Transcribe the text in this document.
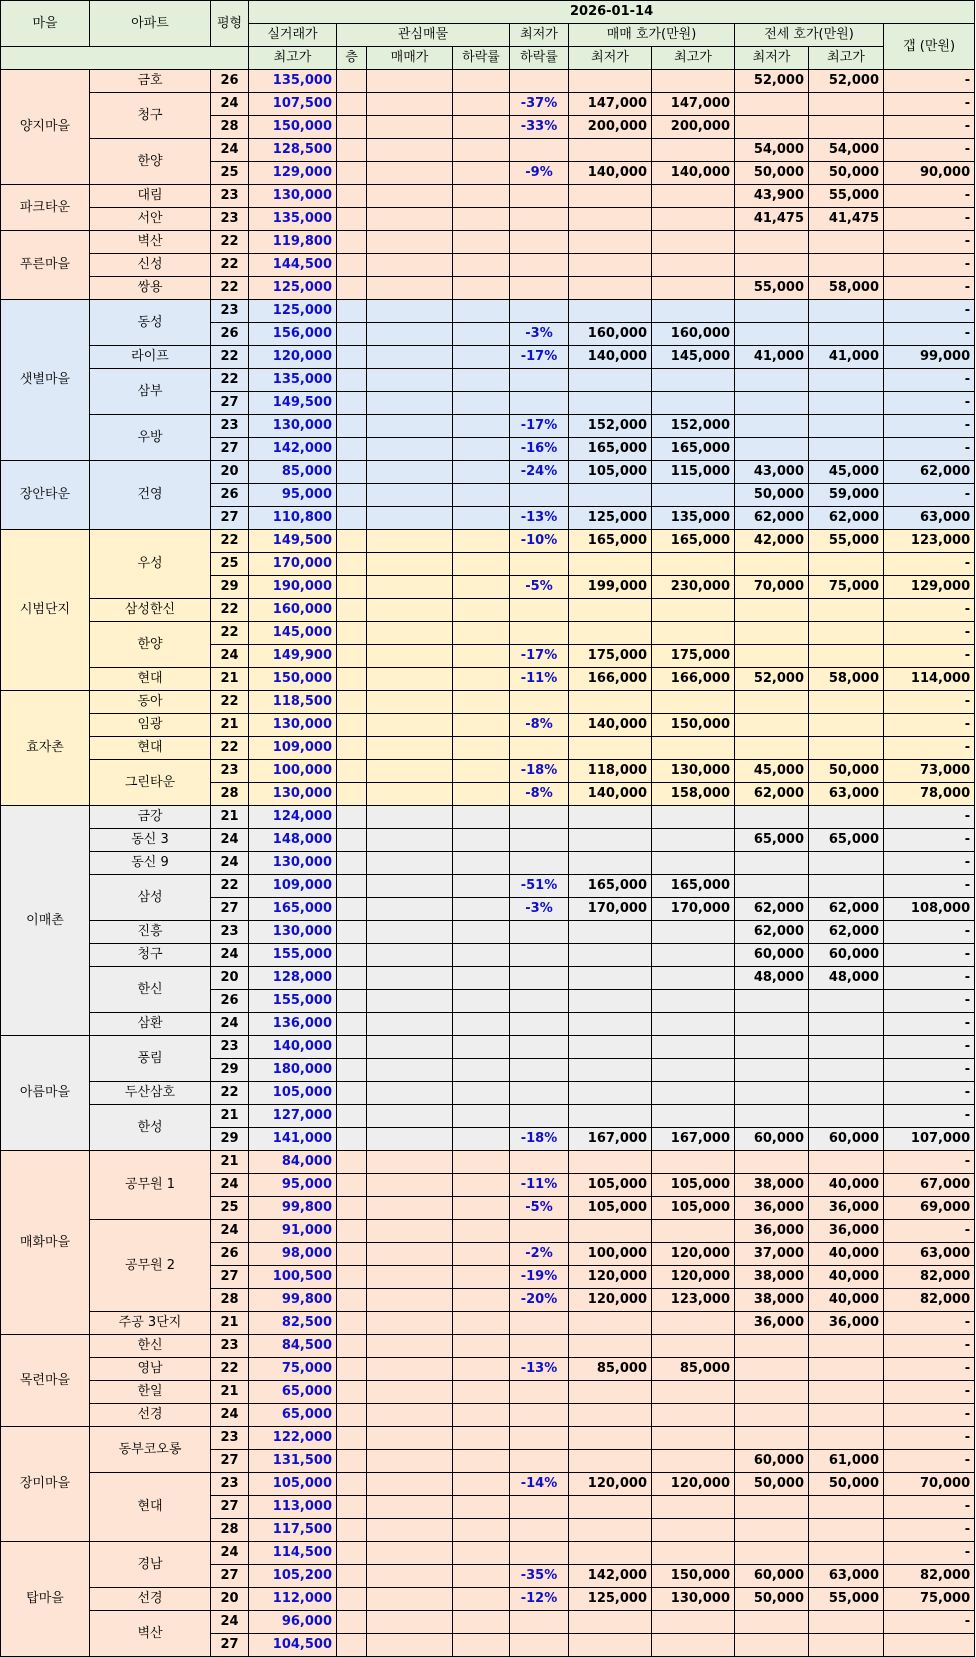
마을	아파트	평형	2026-01-14									
			실거래가	관심매물			최저가	매매 호가(만원)		전세 호가(만원)		갭 (만원)
			최고가	층	매매가	하락률	하락률	최저가	최고가	최저가	최고가	
양지마을	금호	26	135,000							52,000	52,000	-
	청구	24	107,500				-37%	147,000	147,000			-
		28	150,000				-33%	200,000	200,000			-
	한양	24	128,500							54,000	54,000	-
		25	129,000				-9%	140,000	140,000	50,000	50,000	90,000
파크타운	대림	23	130,000							43,900	55,000	-
	서안	23	135,000							41,475	41,475	-
푸른마을	벽산	22	119,800									-
	신성	22	144,500									-
	쌍용	22	125,000							55,000	58,000	-
샛별마을	동성	23	125,000									-
		26	156,000				-3%	160,000	160,000			-
	라이프	22	120,000				-17%	140,000	145,000	41,000	41,000	99,000
	삼부	22	135,000									-
		27	149,500									-
	우방	23	130,000				-17%	152,000	152,000			-
		27	142,000				-16%	165,000	165,000			-
장안타운	건영	20	85,000				-24%	105,000	115,000	43,000	45,000	62,000
		26	95,000							50,000	59,000	-
		27	110,800				-13%	125,000	135,000	62,000	62,000	63,000
시범단지	우성	22	149,500				-10%	165,000	165,000	42,000	55,000	123,000
		25	170,000									-
		29	190,000				-5%	199,000	230,000	70,000	75,000	129,000
	삼성한신	22	160,000									-
	한양	22	145,000									-
		24	149,900				-17%	175,000	175,000			-
	현대	21	150,000				-11%	166,000	166,000	52,000	58,000	114,000
효자촌	동아	22	118,500									-
	임광	21	130,000				-8%	140,000	150,000			-
	현대	22	109,000									-
	그린타운	23	100,000				-18%	118,000	130,000	45,000	50,000	73,000
		28	130,000				-8%	140,000	158,000	62,000	63,000	78,000
이매촌	금강	21	124,000									-
	동신 3	24	148,000							65,000	65,000	-
	동신 9	24	130,000									-
	삼성	22	109,000				-51%	165,000	165,000			-
		27	165,000				-3%	170,000	170,000	62,000	62,000	108,000
	진흥	23	130,000							62,000	62,000	-
	청구	24	155,000							60,000	60,000	-
	한신	20	128,000							48,000	48,000	-
		26	155,000									-
	삼환	24	136,000									-
아름마을	풍림	23	140,000									-
		29	180,000									-
	두산삼호	22	105,000									-
	한성	21	127,000									-
		29	141,000				-18%	167,000	167,000	60,000	60,000	107,000
매화마을	공무원 1	21	84,000									-
		24	95,000				-11%	105,000	105,000	38,000	40,000	67,000
		25	99,800				-5%	105,000	105,000	36,000	36,000	69,000
	공무원 2	24	91,000							36,000	36,000	-
		26	98,000				-2%	100,000	120,000	37,000	40,000	63,000
		27	100,500				-19%	120,000	120,000	38,000	40,000	82,000
		28	99,800				-20%	120,000	123,000	38,000	40,000	82,000
	주공 3단지	21	82,500							36,000	36,000	-
목련마을	한신	23	84,500									-
	영남	22	75,000				-13%	85,000	85,000			-
	한일	21	65,000									-
	선경	24	65,000									-
장미마을	동부코오롱	23	122,000									-
		27	131,500							60,000	61,000	-
	현대	23	105,000				-14%	120,000	120,000	50,000	50,000	70,000
		27	113,000									-
		28	117,500									-
탑마을	경남	24	114,500									-
		27	105,200				-35%	142,000	150,000	60,000	63,000	82,000
	선경	20	112,000				-12%	125,000	130,000	50,000	55,000	75,000
	벽산	24	96,000									-
		27	104,500									
